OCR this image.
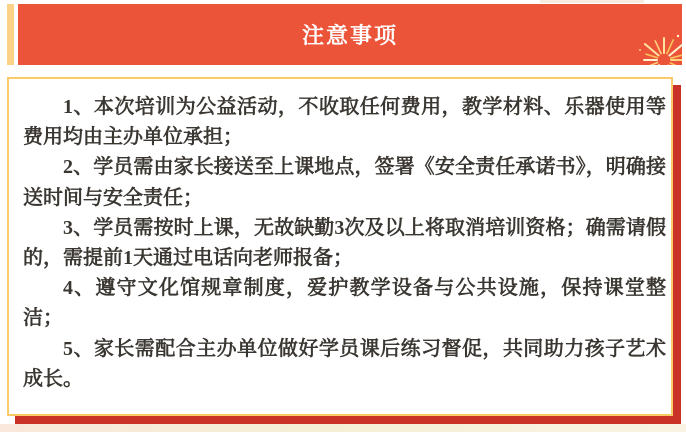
注意事项

1、本次培训为公益活动，不收取任何费用，教学材料、乐器使用等费用均由主办单位承担；

2、学员需由家长接送至上课地点，签署《安全责任承诺书》，明确接送时间与安全责任；

3、学员需按时上课，无故缺勤3次及以上将取消培训资格；确需请假的，需提前1天通过电话向老师报备；

4、遵守文化馆规章制度，爱护教学设备与公共设施，保持课堂整洁；

5、家长需配合主办单位做好学员课后练习督促，共同助力孩子艺术成长。
